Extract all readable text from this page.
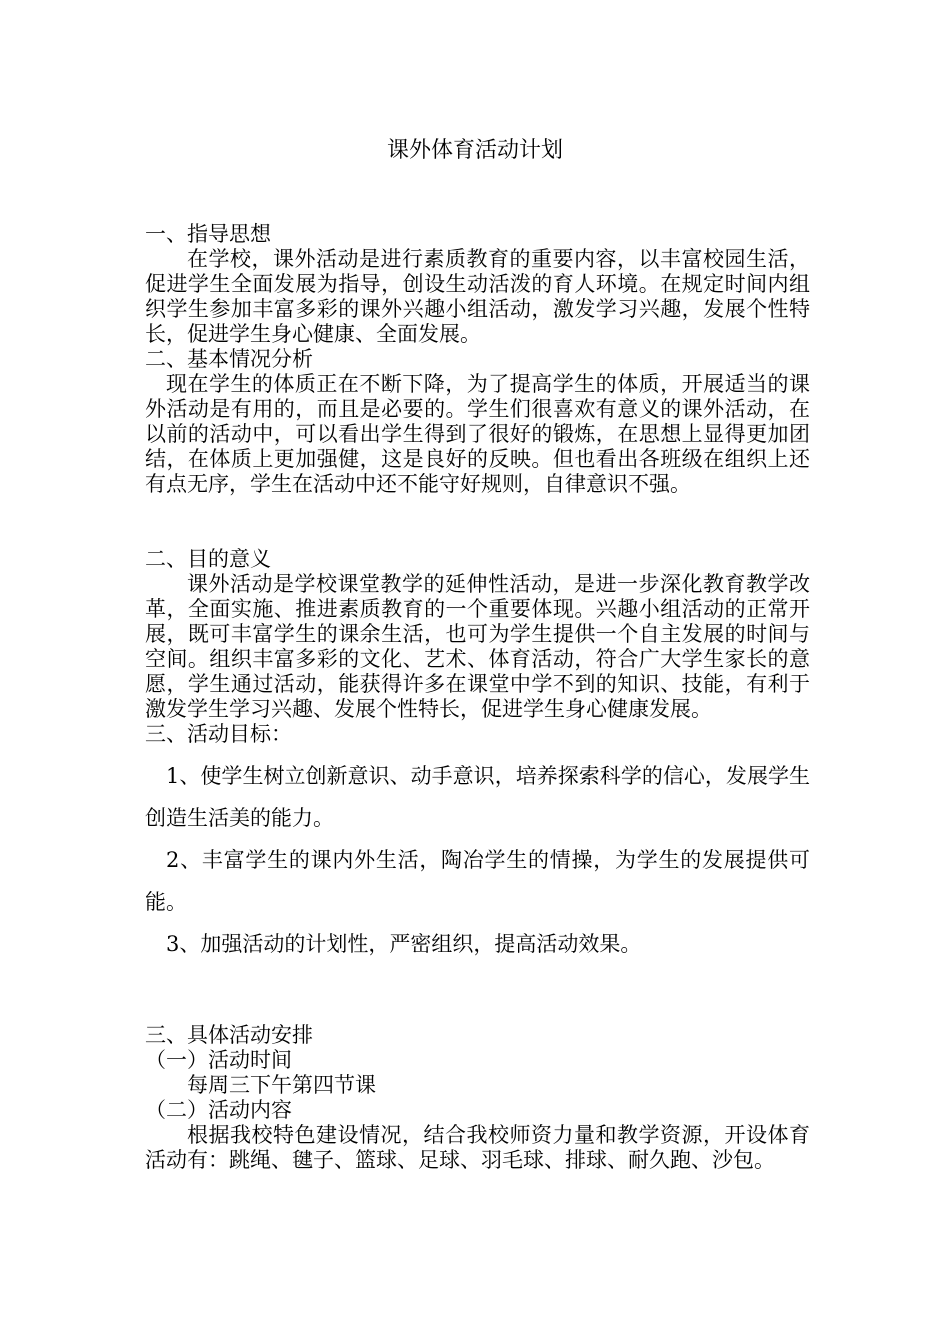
课外体育活动计划

一、指导思想

在学校，课外活动是进行素质教育的重要内容，以丰富校园生活，促进学生全面发展为指导，创设生动活泼的育人环境。在规定时间内组织学生参加丰富多彩的课外兴趣小组活动，激发学习兴趣，发展个性特长，促进学生身心健康、全面发展。

二、基本情况分析

现在学生的体质正在不断下降，为了提高学生的体质，开展适当的课外活动是有用的，而且是必要的。学生们很喜欢有意义的课外活动，在以前的活动中，可以看出学生得到了很好的锻炼，在思想上显得更加团结，在体质上更加强健，这是良好的反映。但也看出各班级在组织上还有点无序，学生在活动中还不能守好规则，自律意识不强。

二、目的意义

课外活动是学校课堂教学的延伸性活动，是进一步深化教育教学改革，全面实施、推进素质教育的一个重要体现。兴趣小组活动的正常开展，既可丰富学生的课余生活，也可为学生提供一个自主发展的时间与空间。组织丰富多彩的文化、艺术、体育活动，符合广大学生家长的意愿，学生通过活动，能获得许多在课堂中学不到的知识、技能，有利于激发学生学习兴趣、发展个性特长，促进学生身心健康发展。

三、活动目标：

1、使学生树立创新意识、动手意识，培养探索科学的信心，发展学生创造生活美的能力。

2、丰富学生的课内外生活，陶冶学生的情操，为学生的发展提供可能。

3、加强活动的计划性，严密组织，提高活动效果。

三、具体活动安排

（一）活动时间

每周三下午第四节课

（二）活动内容

根据我校特色建设情况，结合我校师资力量和教学资源，开设体育活动有：跳绳、毽子、篮球、足球、羽毛球、排球、耐久跑、沙包。
